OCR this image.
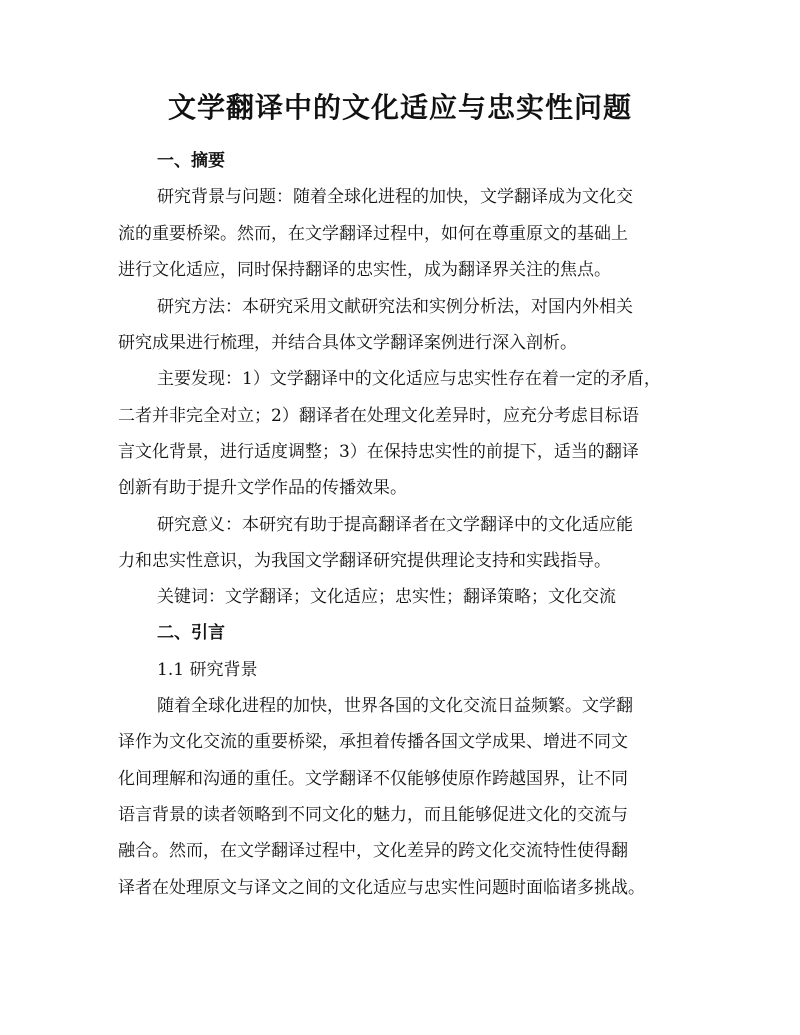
文学翻译中的文化适应与忠实性问题
一、摘要
研究背景与问题：随着全球化进程的加快，文学翻译成为文化交
流的重要桥梁。然而，在文学翻译过程中，如何在尊重原文的基础上
进行文化适应，同时保持翻译的忠实性，成为翻译界关注的焦点。
研究方法：本研究采用文献研究法和实例分析法，对国内外相关
研究成果进行梳理，并结合具体文学翻译案例进行深入剖析。
主要发现：1）文学翻译中的文化适应与忠实性存在着一定的矛盾，
二者并非完全对立；2）翻译者在处理文化差异时，应充分考虑目标语
言文化背景，进行适度调整；3）在保持忠实性的前提下，适当的翻译
创新有助于提升文学作品的传播效果。
研究意义：本研究有助于提高翻译者在文学翻译中的文化适应能
力和忠实性意识，为我国文学翻译研究提供理论支持和实践指导。
关键词：文学翻译；文化适应；忠实性；翻译策略；文化交流
二、引言
1.1 研究背景
随着全球化进程的加快，世界各国的文化交流日益频繁。文学翻
译作为文化交流的重要桥梁，承担着传播各国文学成果、增进不同文
化间理解和沟通的重任。文学翻译不仅能够使原作跨越国界，让不同
语言背景的读者领略到不同文化的魅力，而且能够促进文化的交流与
融合。然而，在文学翻译过程中，文化差异的跨文化交流特性使得翻
译者在处理原文与译文之间的文化适应与忠实性问题时面临诸多挑战。
